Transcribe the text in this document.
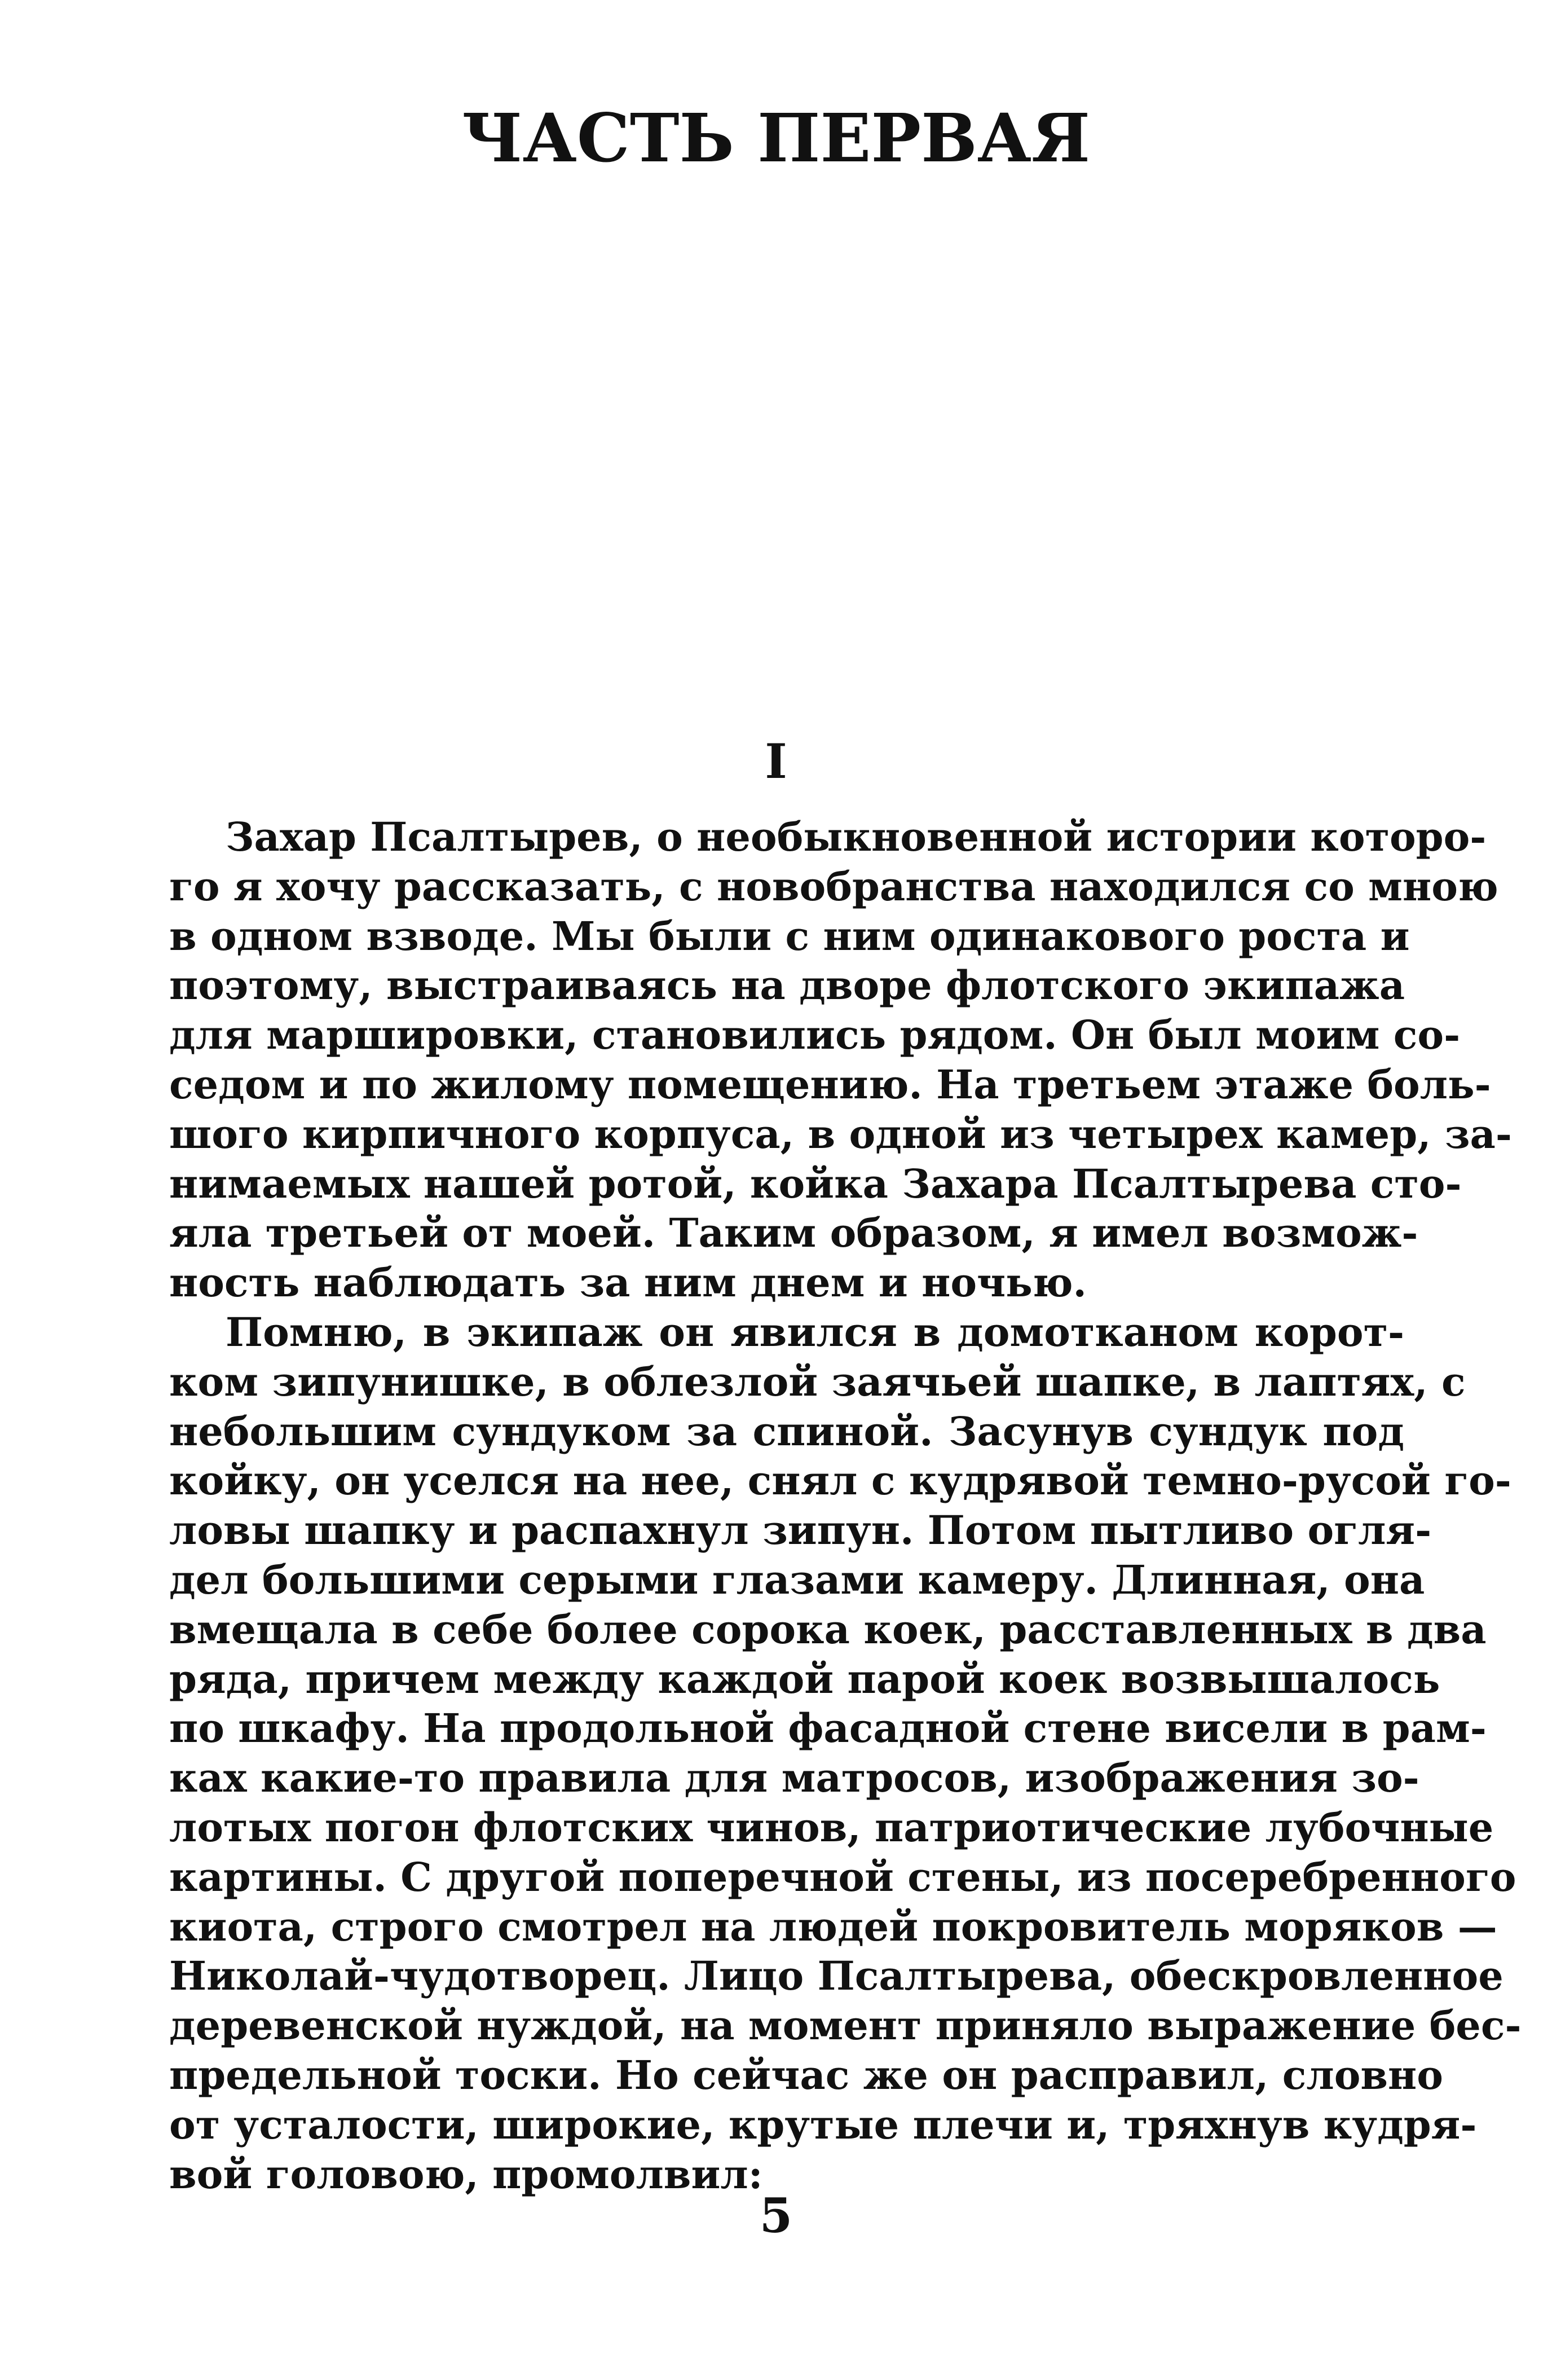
ЧАСТЬ ПЕРВАЯ
I
Захар Псалтырев, о необыкновенной истории которо-
го я хочу рассказать, с новобранства находился со мною
в одном взводе. Мы были с ним одинакового роста и
поэтому, выстраиваясь на дворе флотского экипажа
для маршировки, становились рядом. Он был моим со-
седом и по жилому помещению. На третьем этаже боль-
шого кирпичного корпуса, в одной из четырех камер, за-
нимаемых нашей ротой, койка Захара Псалтырева сто-
яла третьей от моей. Таким образом, я имел возмож-
ность наблюдать за ним днем и ночью.
Помню, в экипаж он явился в домотканом корот-
ком зипунишке, в облезлой заячьей шапке, в лаптях, с
небольшим сундуком за спиной. Засунув сундук под
койку, он уселся на нее, снял с кудрявой темно-русой го-
ловы шапку и распахнул зипун. Потом пытливо огля-
дел большими серыми глазами камеру. Длинная, она
вмещала в себе более сорока коек, расставленных в два
ряда, причем между каждой парой коек возвышалось
по шкафу. На продольной фасадной стене висели в рам-
ках какие-то правила для матросов, изображения зо-
лотых погон флотских чинов, патриотические лубочные
картины. С другой поперечной стены, из посеребренного
киота, строго смотрел на людей покровитель моряков —
Николай-чудотворец. Лицо Псалтырева, обескровленное
деревенской нуждой, на момент приняло выражение бес-
предельной тоски. Но сейчас же он расправил, словно
от усталости, широкие, крутые плечи и, тряхнув кудря-
вой головою, промолвил:
5
